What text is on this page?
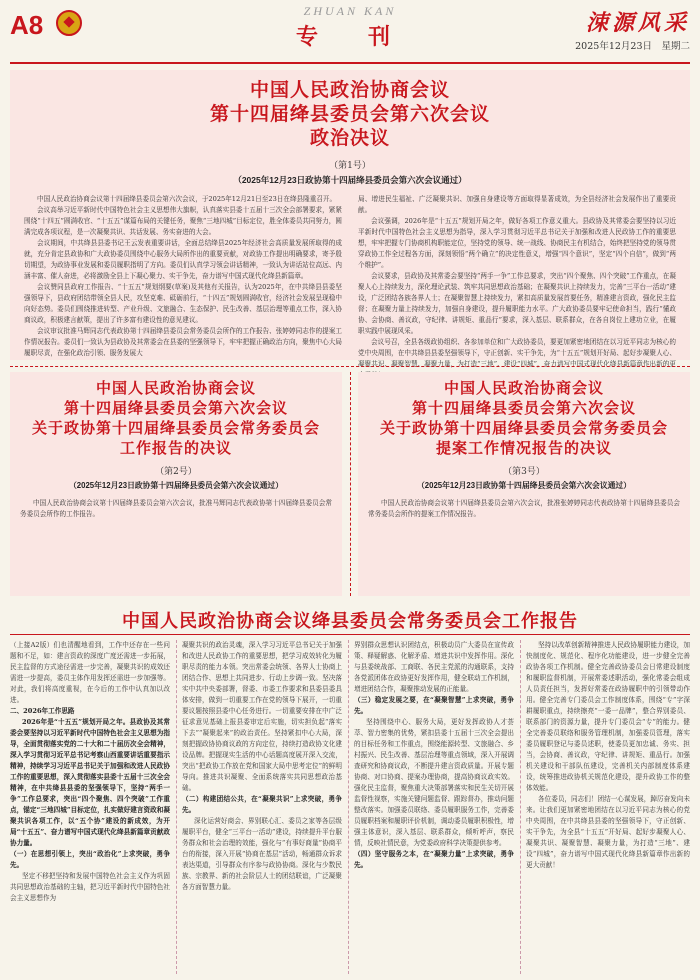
A8	ZHUAN KAN
专　刊
涑源风采
2025年12月23日　星期二
中国人民政治协商会议
第十四届绛县委员会第六次会议
政治决议
（第1号）
（2025年12月23日政协第十四届绛县委员会第六次会议通过）

中国人民政治协商会议第十四届绛县委员会第六次会议，于2025年12月21日至23日在绛县隆重召开。

会议高举习近平新时代中国特色社会主义思想伟大旗帜，认真落实县委十五届十三次全会部署要求，紧紧围绕“十四五”圆满收官、“十五五”谋篇布局的关键任务，聚焦“三地四城”目标定位，胜全体委员共同努力，圆满完成各项议程，是一次凝聚共识、共话发展、务实奋进的大会。

会议期间，中共绛县县委书记王云发表重要讲话，全面总结绛县2025年经济社会高质量发展所取得的成就，充分肯定县政协和广大政协委员围绕中心服务大局所作出的重要贡献，对政协工作提出明确要求，寄予殷切期望，为政协事业发展和委员履职指明了方向。委员们认真学习领会讲话精神，一致认为讲话站位高远、内涵丰富、催人奋进，必将激励全县上下凝心聚力、实干争先，奋力谱写中国式现代化绛县新篇章。

会议赞同县政府工作报告、“十五五”规划纲要(草案)及其他有关报告，认为2025年，在中共绛县县委坚强领导下，县政府团结带领全县人民，攻坚克难、砥砺前行，“十四五”规划圆满收官，经济社会发展呈现稳中向好态势。委员们围绕推进转型、产业升级、文旅融合、生态保护、民生改善、基层治理等重点工作，深入协商议政，积极建言献策，提出了许多富有建设性的意见建议。

会议审议批准马辉同志代表政协第十四届绛县委员会常务委员会所作的工作报告、张婷婷同志作的提案工作情况报告。委员们一致认为县政协及其常委会在县委的坚强领导下，牢牢把握正确政治方向，聚焦中心大局履职尽责，在强化政治引领、服务发展大

局、增进民生福祉、广泛凝聚共识、加强自身建设等方面取得显著成效，为全县经济社会发展作出了重要贡献。

会议强调，2026年是“十五五”规划开局之年，做好各项工作意义重大。县政协及其常委会要坚持以习近平新时代中国特色社会主义思想为指导，深入学习贯彻习近平总书记关于加强和改进人民政协工作的重要思想，牢牢把握专门协商机构职能定位，坚持党的领导、统一战线、协商民主有机结合，始终把坚持党的领导贯穿政协工作全过程各方面，深刻领悟“两个确立”的决定性意义，增强“四个意识”，坚定“四个自信”，做到“两个维护”。

会议要求，县政协及其常委会要坚持“两手一争”工作总要求，突出“四个聚焦、四个突破”工作重点，在凝聚人心上持续发力，深化理论武装、筑牢共同思想政治基础；在凝聚共识上持续发力，完善“三平台一活动”建设，广泛团结各族各界人士；在凝聚智慧上持续发力，紧扣高质量发展首要任务，精准建言资政，强化民主监督；在凝聚力量上持续发力，加强自身建设，提升履职能力水平。广大政协委员要牢记使命担当，践行“懂政协、会协商、善议政，守纪律、讲规矩、重品行”要求，深入基层、联系群众，在各自岗位上建功立业，在履职实践中展现风采。

会议号召，全县各级政协组织、各参加单位和广大政协委员，要更加紧密地团结在以习近平同志为核心的党中央周围，在中共绛县县委坚强领导下，守正创新、实干争先，为“十五五”规划开好局、起好步凝聚人心、凝聚共识、凝聚智慧、凝聚力量，为打造“三地”、建设“四城”，奋力谱写中国式现代化绛县新篇章作出新的更

中国人民政治协商会议
第十四届绛县委员会第六次会议
关于政协第十四届绛县委员会常务委员会
工作报告的决议
（第2号）
（2025年12月23日政协第十四届绛县委员会第六次会议通过）

中国人民政治协商会议第十四届绛县委员会第六次会议，批准马辉同志代表政协第十四届绛县委员会常务委员会所作的工作报告。

中国人民政治协商会议
第十四届绛县委员会第六次会议
关于政协第十四届绛县委员会常务委员会
提案工作情况报告的决议
（第3号）
（2025年12月23日政协第十四届绛县委员会第六次会议通过）

中国人民政治协商会议第十四届绛县委员会第六次会议，批准张婷婷同志代表政协第十四届绛县委员会常务委员会所作的提案工作情况报告。

中国人民政治协商会议绛县委员会常务委员会工作报告

（上接A2版）们也清醒地看到，工作中还存在一些问题和不足，如：建言资政的深度广度还需进一步拓展，民主监督的方式途径需进一步完善，凝聚共识的成效还需进一步提高，委员主体作用发挥还需进一步加强等。对此，我们将高度重视，在今后的工作中认真加以改进。

二、2026年工作思路

2026年是“十五五”规划开局之年。县政协及其常委会要坚持以习近平新时代中国特色社会主义思想为指导，全面贯彻落实党的二十大和二十届历次全会精神，深入学习贯彻习近平总书记考察山西重要讲话重要指示精神，持续学习习近平总书记关于加强和改进人民政协工作的重要思想，深入贯彻落实县委十五届十三次全会精神，在中共绛县县委的坚强领导下，坚持“两手一争”工作总要求，突出“四个聚焦、四个突破”工作重点，锚定“三地四城”目标定位，扎实做好建言资政和凝聚共识各项工作，以“五个协”建设的新成效，为开局“十五五”、奋力谱写中国式现代化绛县新篇章贡献政协力量。

（一）在思想引领上，突出“政治化”上求突破，勇争先。

坚定不移把坚持和发展中国特色社会主义作为巩固共同思想政治基础的主轴，把习近平新时代中国特色社会主义思想作为

凝聚共识的政治灵魂，深入学习习近平总书记关于加强和改进人民政协工作的重要思想，把学习成效转化为履职尽责的能力本领。突出常委会统领、各界人士协商上团结合作、思想上共同进步、行动上步调一致。坚决落实中共中央委部署，督委、市委工作要求和县委县委具体安排，做到一切重要工作在党的领导下展开，一切重要议题按照县委中心任务进行。一切重要安排在中广泛征求意见基础上报县委审定后实施，切实担负起“落实下去”“凝聚起来”的政治责任。坚持紧扣中心大局，深刻把握政协协商议政的方向定位，持续打造政协文化建设品牌。把握现实生活的中心话题高度展开深入交流，突出“把政协工作放在党和国家大局中思考定位”的鲜明导向。推进共识凝聚、全面系统落实共同思想政治基础。

（二）构建团结公共，在“凝聚共识”上求突破，勇争先。

深化运营好商会、界别联心汇、委员之家等各层级履职平台，健全“三平台一活动”建设，持续提升平台服务群众和社会治理的效能，强化与“有事好商量”协商平台的衔接，深入开展“协商在基层”活动，畅通群众诉求表达渠道，引导群众有序参与政协协商。深化与少数民族、宗教界、新的社会阶层人士的团结联谊，广泛凝聚各方面智慧力量。

界别群众思想认识团结点，积极动员广大委员在宣传政策、释疑解惑、化解矛盾、增进共识中发挥作用。深化与县委统战部、工商联、各民主党派的沟通联系，支持各党派团体在政协更好发挥作用，健全联动工作机制，增进团结合作，凝聚推动发展的正能量。

（三）稳定发展之要，在“凝聚智慧”上求突破，勇争先。

坚持围绕中心、服务大局，更好发挥政协人才荟萃、智力密集的优势，紧扣县委十五届十三次全会提出的目标任务和工作重点，围绕能源转型、文旅融合、乡村振兴、民生改善、基层治理等重点领域，深入开展调查研究和协商议政，不断提升建言资政质量。开展专题协商、对口协商、提案办理协商，提高协商议政实效。强化民主监督，聚焦重大决策部署落实和民生关切开展监督性视察，实施关键问题监督、跟踪督办，推动问题整改落实。加强委员联络、委员履职服务工作，完善委员履职档案和履职评价机制，调动委员履职积极性，增强主体意识，深入基层、联系群众，倾听呼声，察民情，反映社情民意，为党委政府科学决策提供参考。

（四）坚守服务之本，在“凝聚力量”上求突破，勇争先。

坚持以改革创新精神推进人民政协履职能力建设，加快制度化、规范化、程序化功能建设，进一步健全完善政协各项工作机制。健全完善政协委员会日常建设制度和履职监督机制，开展常委述职活动，强化常委会组成人员责任担当，发挥好常委在政协履职中的引领带动作用。健全完善专门委员会工作制度体系，围绕“专”字深耕履职重点，持续擦亮“一委一品牌”，整合界别委员、联系部门的资源力量，提升专门委员会“专”的能力。健全完善委员联络和服务管理机制，加强委员管理，落实委员履职登记与委员述职，使委员更加忠诚、务实、担当，会协商、善议政，守纪律、讲规矩、重品行。加强机关建设和干部队伍建设，完善机关内部制度体系建设，统筹推进政协机关规范化建设，提升政协工作的整体效能。

各位委员，同志们！团结一心谋发展，踔厉奋发向未来。让我们更加紧密地团结在以习近平同志为核心的党中央周围，在中共绛县县委的坚强领导下，守正创新、实干争先，为全县“十五五”开好局、起好步凝聚人心、凝聚共识、凝聚智慧、凝聚力量，为打造“三地”、建设“四城”，奋力谱写中国式现代化绛县新篇章作出新的更大贡献！
